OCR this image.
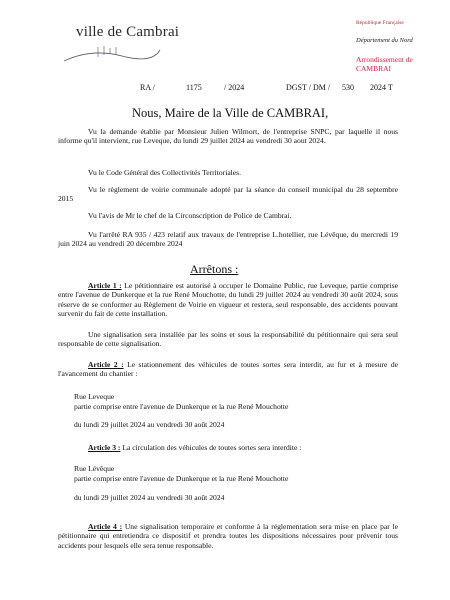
ville de Cambrai
République Française
Département du Nord
Arrondissement de CAMBRAI
RA /	1175	/ 2024	DGST / DM / 530 2024 T
Nous, Maire de la Ville de CAMBRAI,
Vu la demande établie par Monsieur Julien Wilmort, de l'entreprise SNPC, par laquelle il nous informe qu'il intervient, rue Leveque, du lundi 29 juillet 2024 au vendredi 30 aout 2024.
Vu le Code Général des Collectivités Territoriales.
Vu le règlement de voirie communale adopté par la séance du conseil municipal du 28 septembre 2015
Vu l'avis de Mr le chef de la Circonscription de Police de Cambrai.
Vu l'arrêté RA 935 / 423 relatif aux travaux de l'entreprise L.hotellier, rue Lévêque, du mercredi 19 juin 2024 au vendredi 20 décembre 2024
Arrêtons :
Article 1 : Le pétitionnaire est autorisé à occuper le Domaine Public, rue Leveque, partie comprise entre l'avenue de Dunkerque et la rue René Mouchotte, du lundi 29 juillet 2024 au vendredi 30 août 2024, sous réserve de se conformer au Règlement de Voirie en vigueur et restera, seul responsable, des accidents pouvant survenir du fait de cette installation.
Une signalisation sera installée par les soins et sous la responsabilité du pétitionnaire qui sera seul responsable de cette signalisation.
Article 2 : Le stationnement des véhicules de toutes sortes sera interdit, au fur et à mesure de l'avancement du chantier :
Rue Leveque
partie comprise entre l'avenue de Dunkerque et la rue René Mouchotte
du lundi 29 juillet 2024 au vendredi 30 août 2024
Article 3 : La circulation des véhicules de toutes sortes sera interdite :
Rue Lévêque
partie comprise entre l'avenue de Dunkerque et la rue René Mouchotte
du lundi 29 juillet 2024 au vendredi 30 août 2024
Article 4 : Une signalisation temporaire et conforme à la réglementation sera mise en place par le pétitionnaire qui entretiendra ce dispositif et prendra toutes les dispositions nécessaires pour prévenir tous accidents pour lesquels elle sera tenue responsable.
